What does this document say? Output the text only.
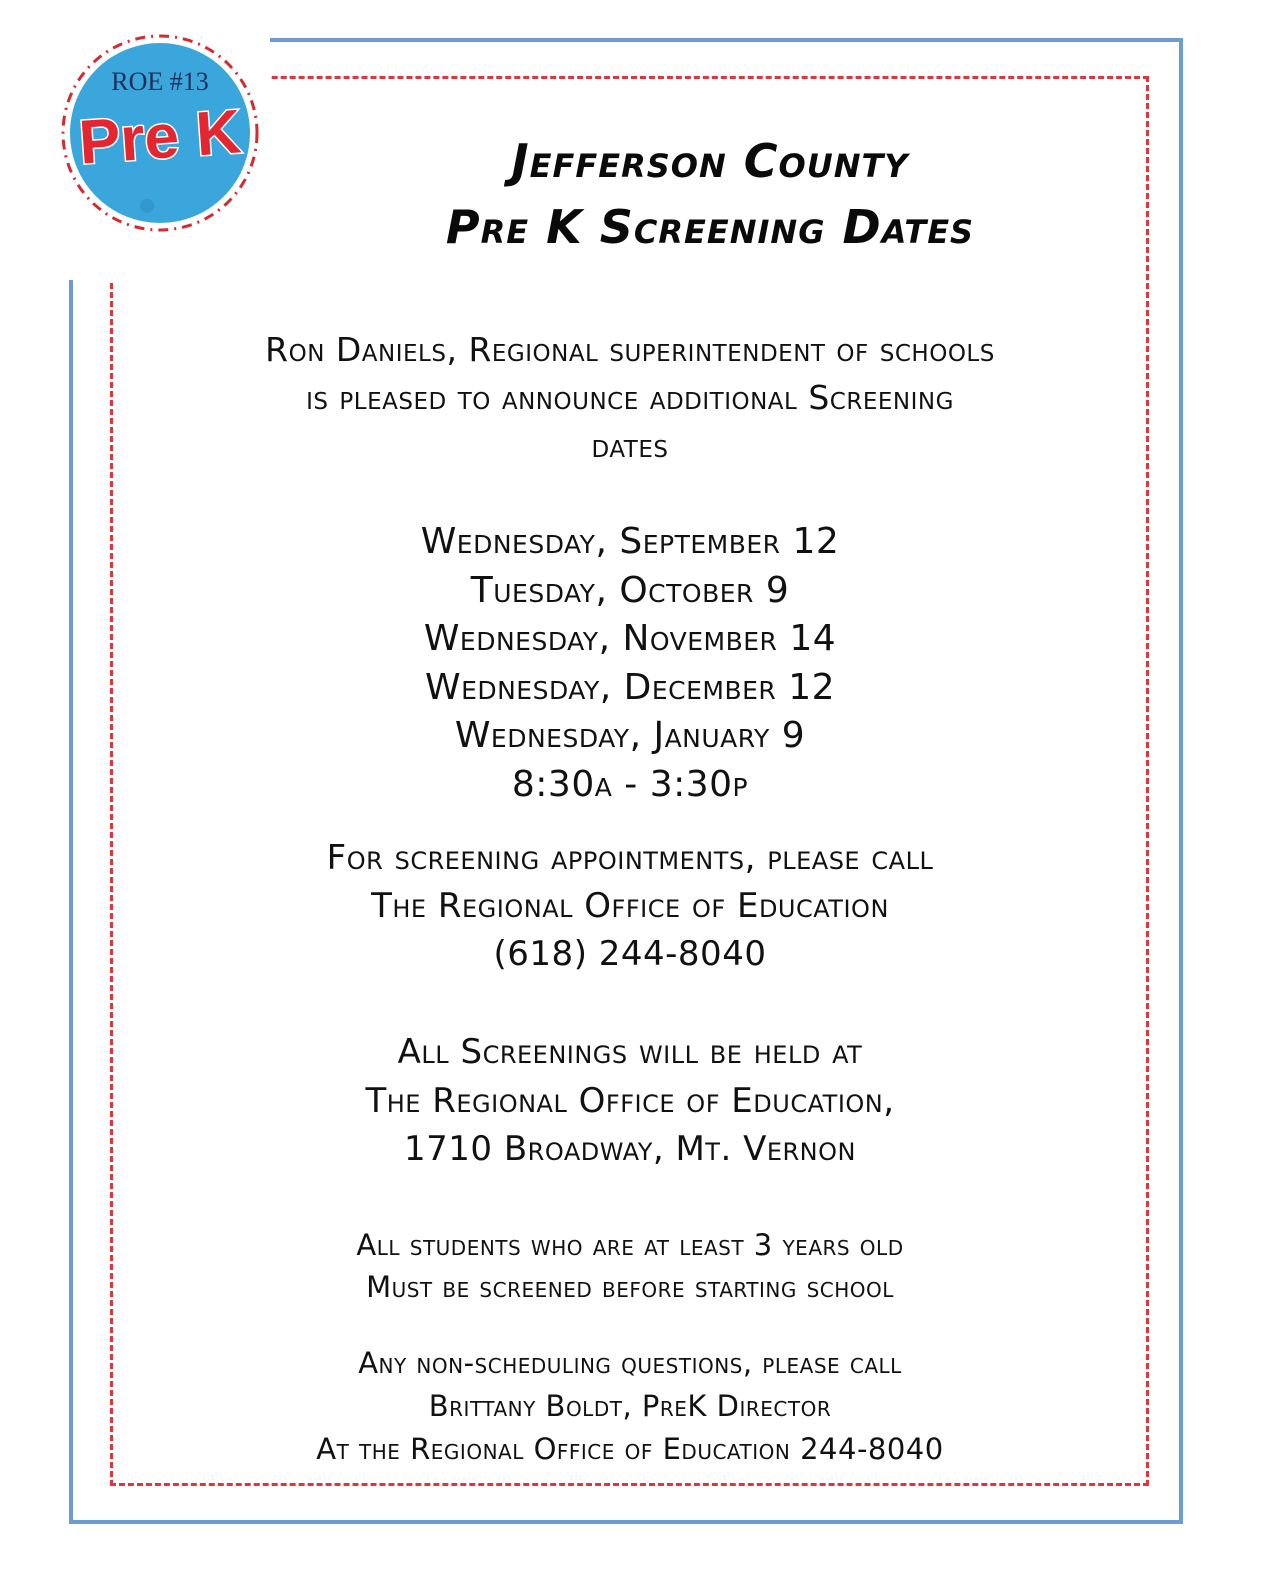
ROE #13
Pre K	Jefferson County
Pre K Screening Dates
Ron Daniels, Regional superintendent of schools
is pleased to announce additional Screening
dates
Wednesday, September 12
Tuesday, October 9
Wednesday, November 14
Wednesday, December 12
Wednesday, January 9
8:30a - 3:30p
For screening appointments, please call
The Regional Office of Education
(618) 244-8040
All Screenings will be held at
The Regional Office of Education,
1710 Broadway, Mt. Vernon
All students who are at least 3 years old
Must be screened before starting school
Any non-scheduling questions, please call
Brittany Boldt, PreK Director
At the Regional Office of Education 244-8040
